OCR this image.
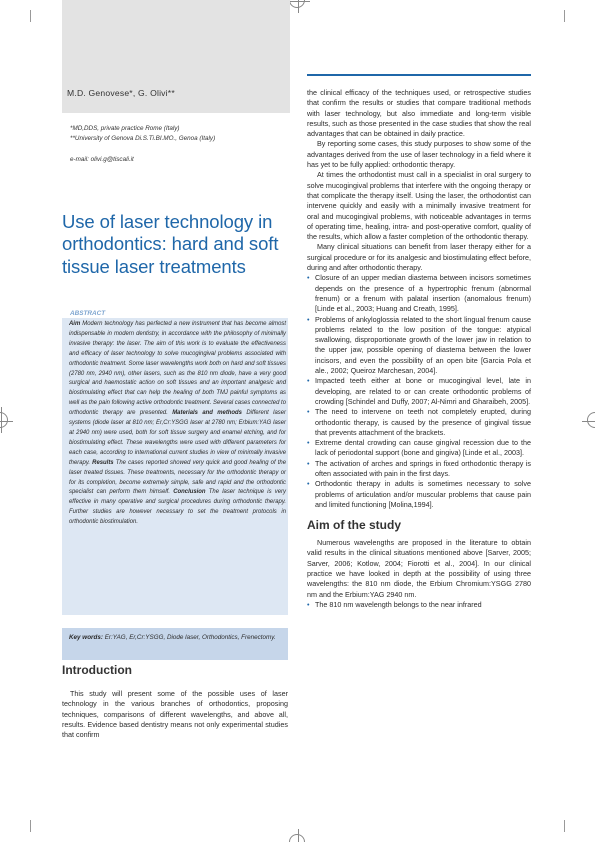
M.D. Genovese*, G. Olivi**
*MD,DDS, private practice Rome (Italy)
**University of Genova Di.S.Ti.BI.MO., Genoa (Italy)
e-mail: olivi.g@tiscali.it
Use of laser technology in orthodontics: hard and soft tissue laser treatments
ABSTRACT
Aim Modern technology has perfected a new instrument that has become almost indispensable in modern dentistry, in accordance with the philosophy of minimally invasive therapy: the laser. The aim of this work is to evaluate the effectiveness and efficacy of laser technology to solve mucogingival problems associated with orthodontic treatment. Some laser wavelengths work both on hard and soft tissues (2780 nm, 2940 nm), other lasers, such as the 810 nm diode, have a very good surgical and haemostatic action on soft tissues and an important analgesic and biostimulating effect that can help the healing of both TMJ painful symptoms as well as the pain following active orthodontic treatment. Several cases connected to orthodontic therapy are presented. Materials and methods Different laser systems (diode laser at 810 nm; Er,Cr:YSGG laser at 2780 nm; Erbium:YAG laser at 2940 nm) were used, both for soft tissue surgery and enamel etching, and for biostimulating effect. These wavelengths were used with different parameters for each case, according to international current studies in view of minimally invasive therapy. Results The cases reported showed very quick and good healing of the laser treated tissues. These treatments, necessary for the orthodontic therapy or for its completion, become extremely simple, safe and rapid and the orthodontic specialist can perform them himself. Conclusion The laser technique is very effective in many operative and surgical procedures during orthodontic therapy. Further studies are however necessary to set the treatment protocols in orthodontic biostimulation.
Key words: Er:YAG, Er,Cr:YSGG, Diode laser, Orthodontics, Frenectomy.
Introduction
This study will present some of the possible uses of laser technology in the various branches of orthodontics, proposing techniques, comparisons of different wavelengths, and above all, results. Evidence based dentistry means not only experimental studies that confirm

the clinical efficacy of the techniques used, or retrospective studies that confirm the results or studies that compare traditional methods with laser technology, but also immediate and long-term visible results, such as those presented in the case studies that show the real advantages that can be obtained in daily practice.

By reporting some cases, this study purposes to show some of the advantages derived from the use of laser technology in a field where it has yet to be fully applied: orthodontic therapy.

At times the orthodontist must call in a specialist in oral surgery to solve mucogingival problems that interfere with the ongoing therapy or that complicate the therapy itself. Using the laser, the orthodontist can intervene quickly and easily with a minimally invasive treatment for oral and mucogingival problems, with noticeable advantages in terms of operating time, healing, intra- and post-operative comfort, quality of the results, which allow a faster completion of the orthodontic therapy.

Many clinical situations can benefit from laser therapy either for a surgical procedure or for its analgesic and biostimulating effect before, during and after orthodontic therapy.

• Closure of an upper median diastema between incisors sometimes depends on the presence of a hypertrophic frenum (abnormal frenum) or a frenum with palatal insertion (anomalous frenum) [Linde et al., 2003; Huang and Creath, 1995].
• Problems of ankyloglossia related to the short lingual frenum cause problems related to the low position of the tongue: atypical swallowing, disproportionate growth of the lower jaw in relation to the upper jaw, possible opening of diastema between the lower incisors, and even the possibility of an open bite [Garcia Pola et ale., 2002; Queiroz Marchesan, 2004].
• Impacted teeth either at bone or mucogingival level, late in developing, are related to or can create orthodontic problems of crowding [Schindel and Duffy, 2007; Al-Nimri and Gharaibeh, 2005].
• The need to intervene on teeth not completely erupted, during orthodontic therapy, is caused by the presence of gingival tissue that prevents attachment of the brackets.
• Extreme dental crowding can cause gingival recession due to the lack of periodontal support (bone and gingiva) [Linde et al., 2003].
• The activation of arches and springs in fixed orthodontic therapy is often associated with pain in the first days.
• Orthodontic therapy in adults is sometimes necessary to solve problems of articulation and/or muscular problems that cause pain and limited functioning [Molina,1994].
Aim of the study

Numerous wavelengths are proposed in the literature to obtain valid results in the clinical situations mentioned above [Sarver, 2005; Sarver, 2006; Kotlow, 2004; Fiorotti et al., 2004]. In our clinical practice we have looked in depth at the possibility of using three wavelengths: the 810 nm diode, the Erbium Chromium:YSGG 2780 nm and the Erbium:YAG 2940 nm.

• The 810 nm wavelength belongs to the near infrared
